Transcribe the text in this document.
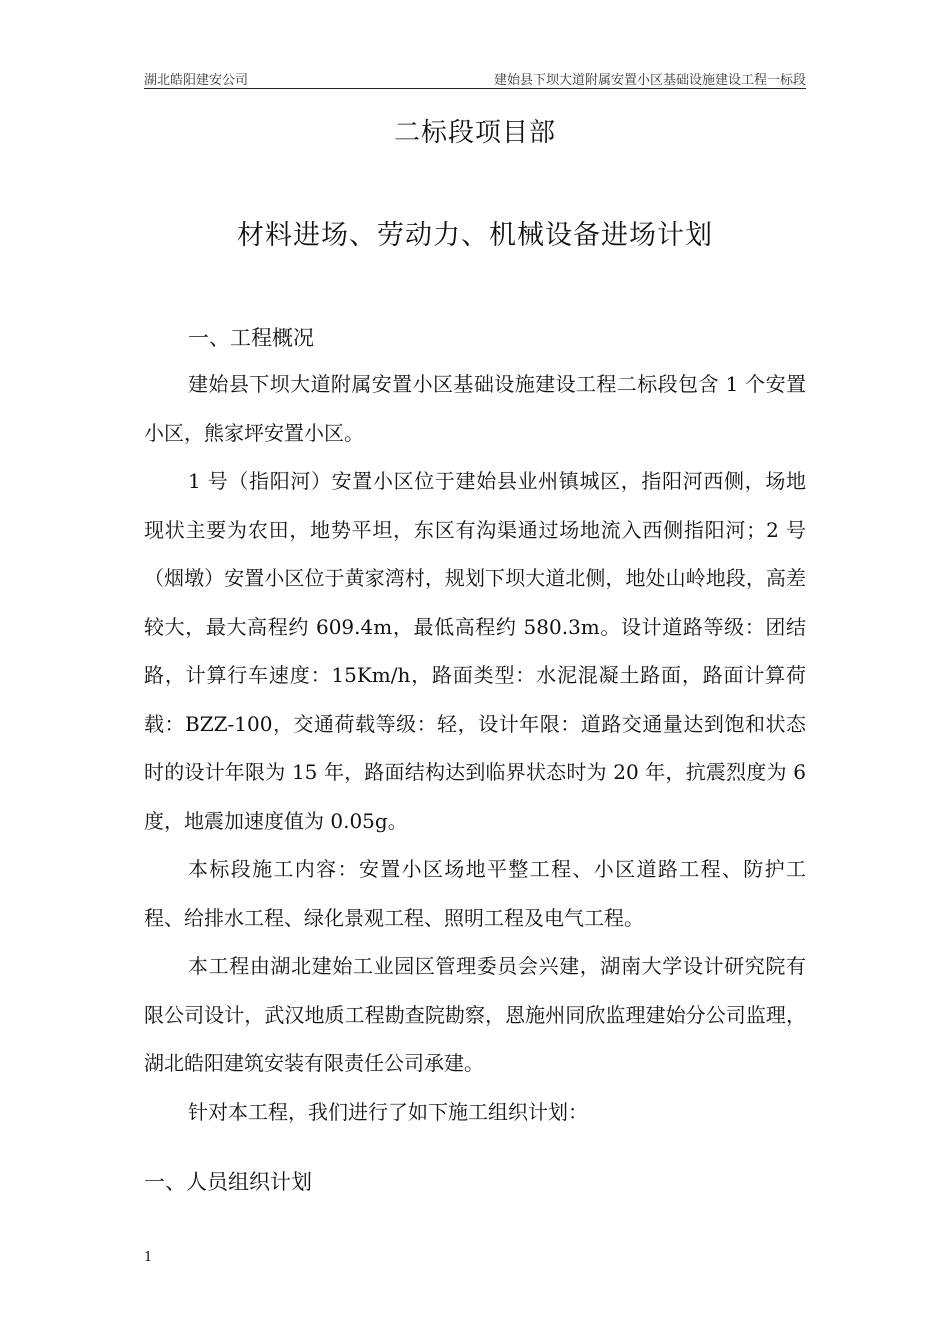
湖北皓阳建安公司	建始县下坝大道附属安置小区基础设施建设工程一标段
二标段项目部
材料进场、劳动力、机械设备进场计划
一、工程概况

建始县下坝大道附属安置小区基础设施建设工程二标段包含 1 个安置小区，熊家坪安置小区。

1 号（指阳河）安置小区位于建始县业州镇城区，指阳河西侧，场地现状主要为农田，地势平坦，东区有沟渠通过场地流入西侧指阳河；2 号（烟墩）安置小区位于黄家湾村，规划下坝大道北侧，地处山岭地段，高差较大，最大高程约 609.4m，最低高程约 580.3m。设计道路等级：团结路，计算行车速度：15Km/h，路面类型：水泥混凝土路面，路面计算荷载：BZZ-100，交通荷载等级：轻，设计年限：道路交通量达到饱和状态时的设计年限为 15 年，路面结构达到临界状态时为 20 年，抗震烈度为 6 度，地震加速度值为 0.05g。

本标段施工内容：安置小区场地平整工程、小区道路工程、防护工程、给排水工程、绿化景观工程、照明工程及电气工程。

本工程由湖北建始工业园区管理委员会兴建，湖南大学设计研究院有限公司设计，武汉地质工程勘查院勘察，恩施州同欣监理建始分公司监理，湖北皓阳建筑安装有限责任公司承建。

针对本工程，我们进行了如下施工组织计划：

一、人员组织计划
1
